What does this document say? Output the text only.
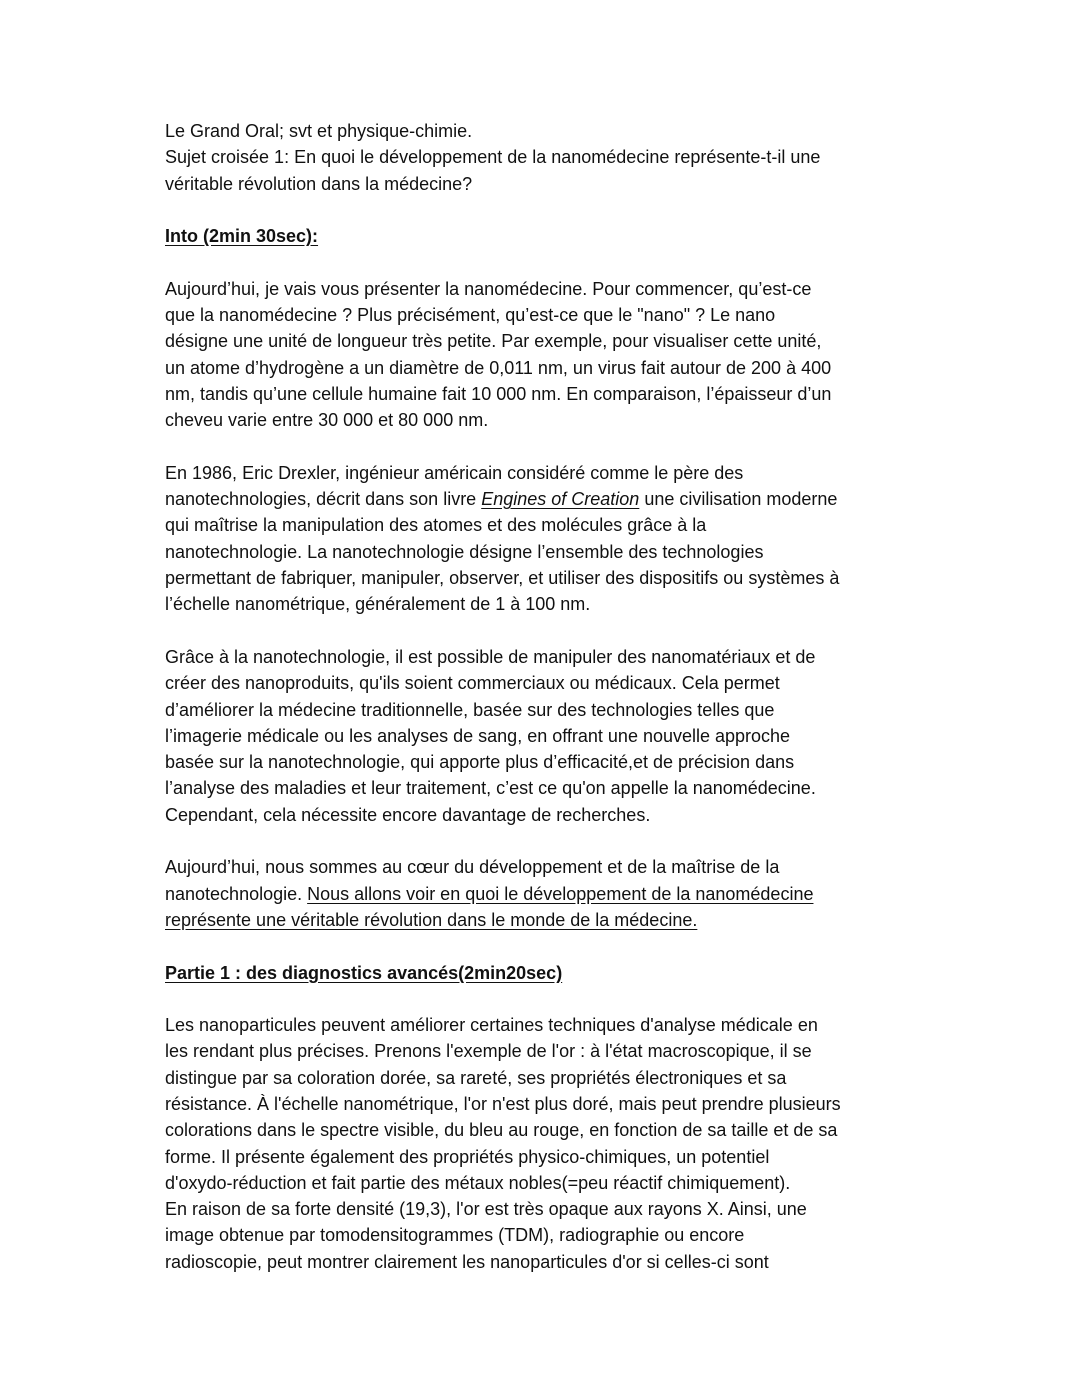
Le Grand Oral; svt et physique-chimie.
Sujet croisée 1: En quoi le développement de la nanomédecine représente-t-il une
véritable révolution dans la médecine?
Into (2min 30sec):
Aujourd’hui, je vais vous présenter la nanomédecine. Pour commencer, qu’est-ce
que la nanomédecine ? Plus précisément, qu’est-ce que le "nano" ? Le nano
désigne une unité de longueur très petite. Par exemple, pour visualiser cette unité,
un atome d’hydrogène a un diamètre de 0,011 nm, un virus fait autour de 200 à 400
nm, tandis qu’une cellule humaine fait 10 000 nm. En comparaison, l’épaisseur d’un
cheveu varie entre 30 000 et 80 000 nm.
En 1986, Eric Drexler, ingénieur américain considéré comme le père des
nanotechnologies, décrit dans son livre Engines of Creation une civilisation moderne
qui maîtrise la manipulation des atomes et des molécules grâce à la
nanotechnologie. La nanotechnologie désigne l’ensemble des technologies
permettant de fabriquer, manipuler, observer, et utiliser des dispositifs ou systèmes à
l’échelle nanométrique, généralement de 1 à 100 nm.
Grâce à la nanotechnologie, il est possible de manipuler des nanomatériaux et de
créer des nanoproduits, qu'ils soient commerciaux ou médicaux. Cela permet
d’améliorer la médecine traditionnelle, basée sur des technologies telles que
l’imagerie médicale ou les analyses de sang, en offrant une nouvelle approche
basée sur la nanotechnologie, qui apporte plus d’efficacité,et de précision dans
l’analyse des maladies et leur traitement, c’est ce qu'on appelle la nanomédecine.
Cependant, cela nécessite encore davantage de recherches.
Aujourd’hui, nous sommes au cœur du développement et de la maîtrise de la
nanotechnologie. Nous allons voir en quoi le développement de la nanomédecine
représente une véritable révolution dans le monde de la médecine.
Partie 1 : des diagnostics avancés(2min20sec)
Les nanoparticules peuvent améliorer certaines techniques d'analyse médicale en
les rendant plus précises. Prenons l'exemple de l'or : à l'état macroscopique, il se
distingue par sa coloration dorée, sa rareté, ses propriétés électroniques et sa
résistance. À l'échelle nanométrique, l'or n'est plus doré, mais peut prendre plusieurs
colorations dans le spectre visible, du bleu au rouge, en fonction de sa taille et de sa
forme. Il présente également des propriétés physico-chimiques, un potentiel
d'oxydo-réduction et fait partie des métaux nobles(=peu réactif chimiquement).
En raison de sa forte densité (19,3), l'or est très opaque aux rayons X. Ainsi, une
image obtenue par tomodensitogrammes (TDM), radiographie ou encore
radioscopie, peut montrer clairement les nanoparticules d'or si celles-ci sont
